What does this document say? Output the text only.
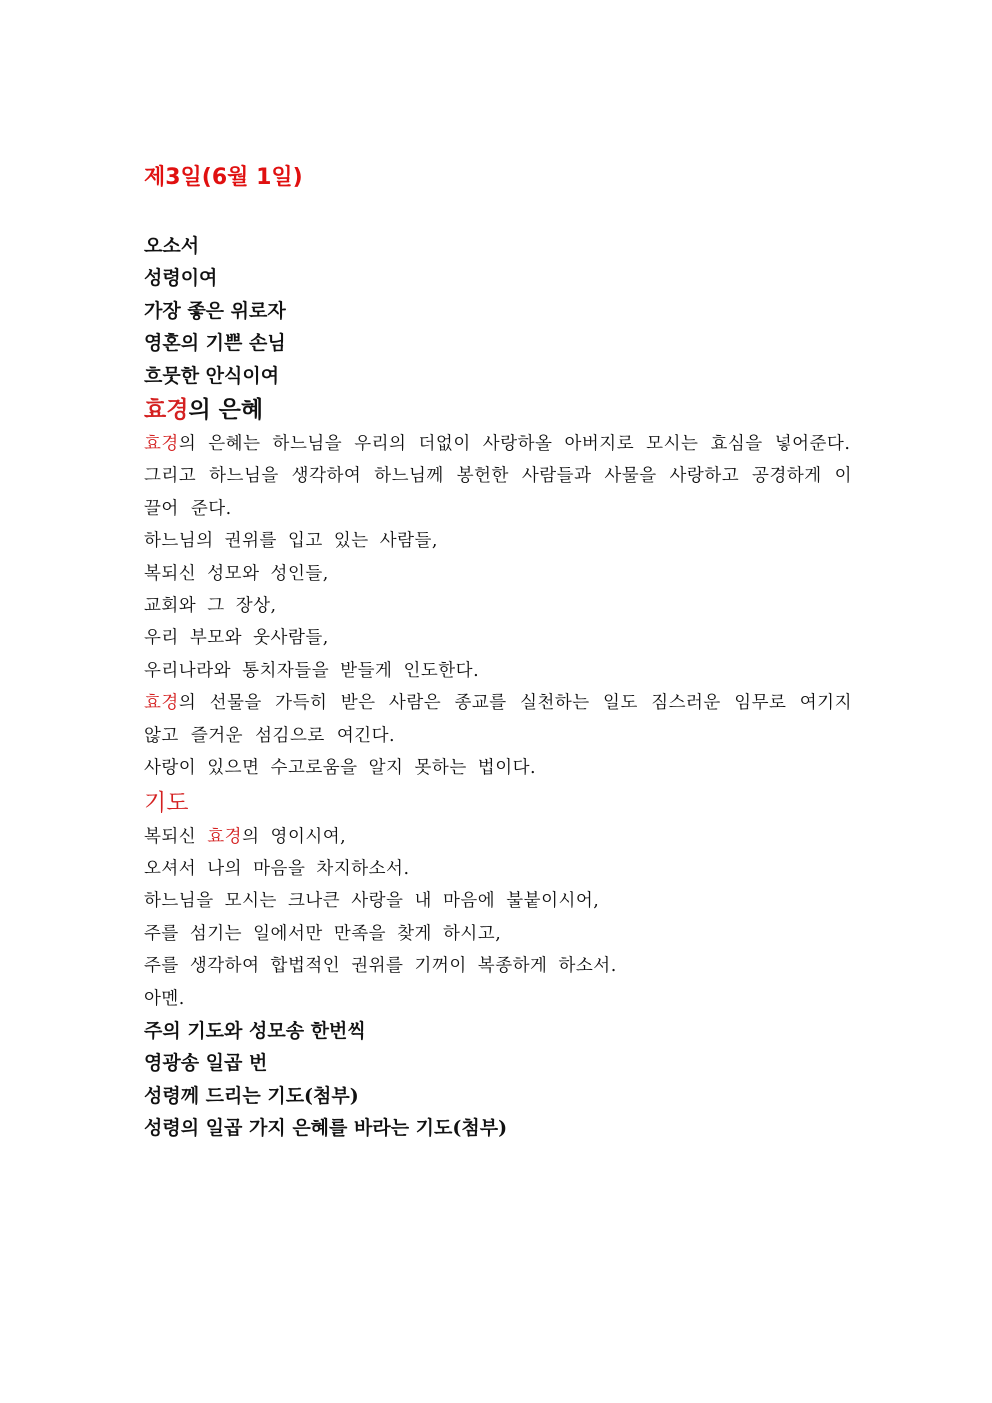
제3일(6월 1일)

오소서

성령이여

가장 좋은 위로자

영혼의 기쁜 손님

흐뭇한 안식이여

효경의 은혜

효경의 은혜는 하느님을 우리의 더없이 사랑하올 아버지로 모시는 효심을 넣어준다.

그리고 하느님을 생각하여 하느님께 봉헌한 사람들과 사물을 사랑하고 공경하게 이끌어 준다.

하느님의 권위를 입고 있는 사람들,

복되신 성모와 성인들,

교회와 그 장상,

우리 부모와 웃사람들,

우리나라와 통치자들을 받들게 인도한다.

효경의 선물을 가득히 받은 사람은 종교를 실천하는 일도 짐스러운 임무로 여기지 않고 즐거운 섬김으로 여긴다.

사랑이 있으면 수고로움을 알지 못하는 법이다.

기도

복되신 효경의 영이시여,

오셔서 나의 마음을 차지하소서.

하느님을 모시는 크나큰 사랑을 내 마음에 불붙이시어,

주를 섬기는 일에서만 만족을 찾게 하시고,

주를 생각하여 합법적인 권위를 기꺼이 복종하게 하소서.

아멘.

주의 기도와 성모송 한번씩

영광송 일곱 번

성령께 드리는 기도(첨부)

성령의 일곱 가지 은혜를 바라는 기도(첨부)
